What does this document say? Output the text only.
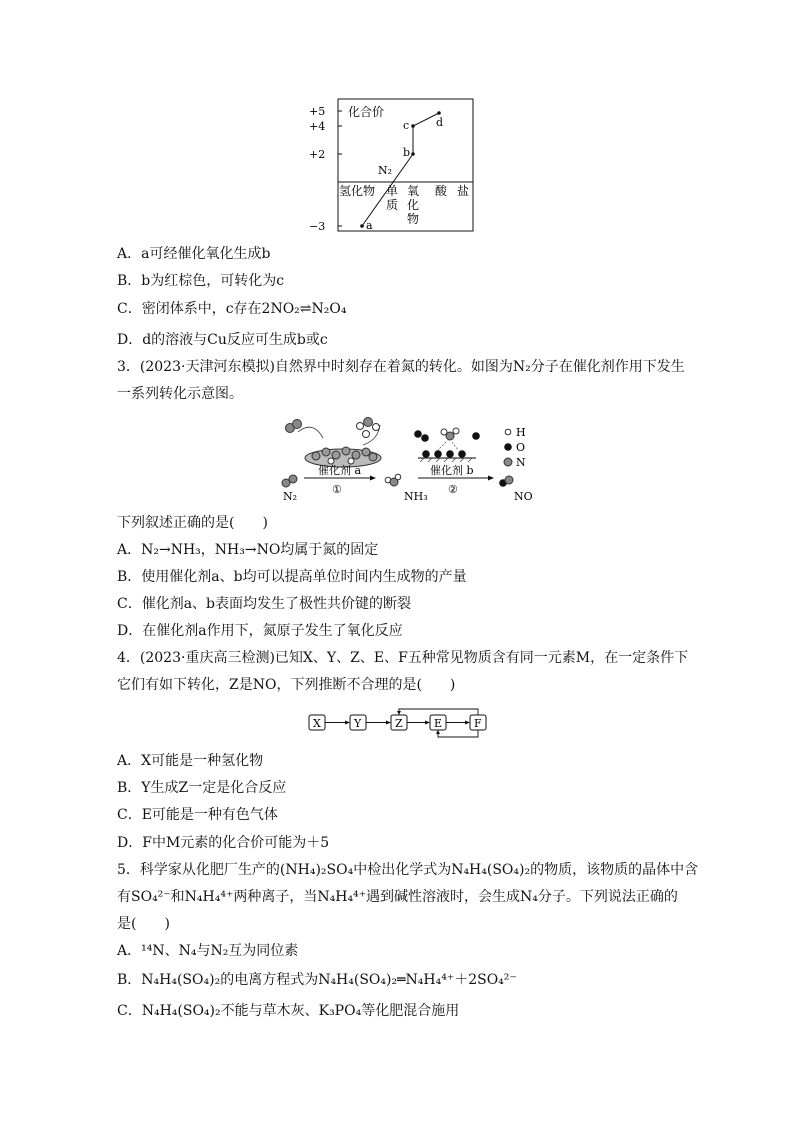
+5
+4
+2
−3
化合价
氢化物 单
质
氧
化
物
酸 盐
a
b
c d
N₂
A．a可经催化氧化生成b
B．b为红棕色，可转化为c
C．密闭体系中，c存在2NO₂⇌N₂O₄
D．d的溶液与Cu反应可生成b或c
3．(2023·天津河东模拟)自然界中时刻存在着氮的转化。如图为N₂分子在催化剂作用下发生
一系列转化示意图。
N₂
催化剂 a
①
NH₃
催化剂 b
②
NO
H
O
N
下列叙述正确的是(　　)
A．N₂→NH₃，NH₃→NO均属于氮的固定
B．使用催化剂a、b均可以提高单位时间内生成物的产量
C．催化剂a、b表面均发生了极性共价键的断裂
D．在催化剂a作用下，氮原子发生了氧化反应
4．(2023·重庆高三检测)已知X、Y、Z、E、F五种常见物质含有同一元素M，在一定条件下
它们有如下转化，Z是NO，下列推断不合理的是(　　)
X	Y	Z	E	F
A．X可能是一种氢化物
B．Y生成Z一定是化合反应
C．E可能是一种有色气体
D．F中M元素的化合价可能为＋5
5．科学家从化肥厂生产的(NH₄)₂SO₄中检出化学式为N₄H₄(SO₄)₂的物质，该物质的晶体中含
有SO₄²⁻和N₄H₄⁴⁺两种离子，当N₄H₄⁴⁺遇到碱性溶液时，会生成N₄分子。下列说法正确的
是(　　)
A．¹⁴N、N₄与N₂互为同位素
B．N₄H₄(SO₄)₂的电离方程式为N₄H₄(SO₄)₂═N₄H₄⁴⁺＋2SO₄²⁻
C．N₄H₄(SO₄)₂不能与草木灰、K₃PO₄等化肥混合施用
